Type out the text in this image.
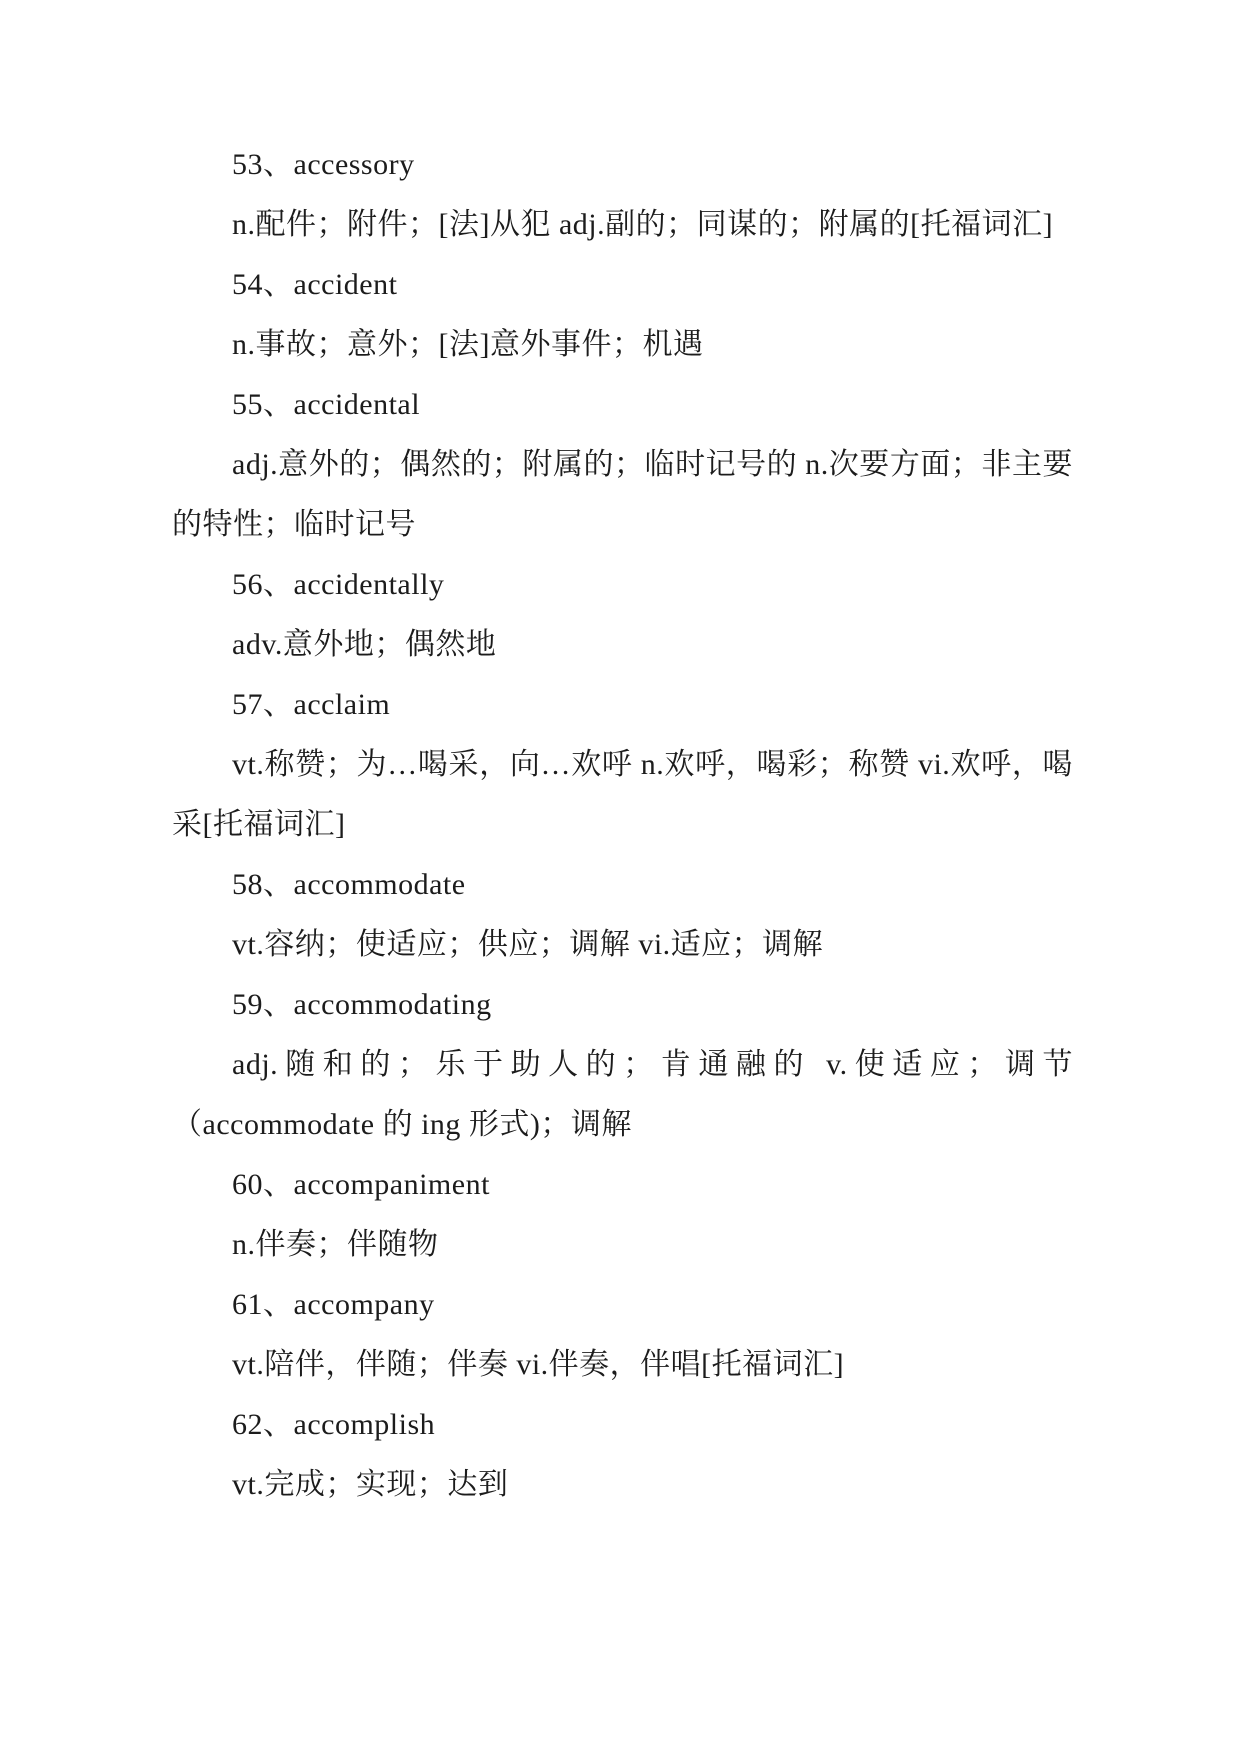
53、accessory

n.配件；附件；[法]从犯 adj.副的；同谋的；附属的[托福词汇]

54、accident

n.事故；意外；[法]意外事件；机遇

55、accidental

adj.意外的；偶然的；附属的；临时记号的 n.次要方面；非主要的特性；临时记号

56、accidentally

adv.意外地；偶然地

57、acclaim

vt.称赞；为…喝采，向…欢呼 n.欢呼，喝彩；称赞 vi.欢呼，喝采[托福词汇]

58、accommodate

vt.容纳；使适应；供应；调解 vi.适应；调解

59、accommodating

adj.随和的；乐于助人的；肯通融的 v.使适应；调节（accommodate 的 ing 形式)；调解

60、accompaniment

n.伴奏；伴随物

61、accompany

vt.陪伴，伴随；伴奏 vi.伴奏，伴唱[托福词汇]

62、accomplish

vt.完成；实现；达到
